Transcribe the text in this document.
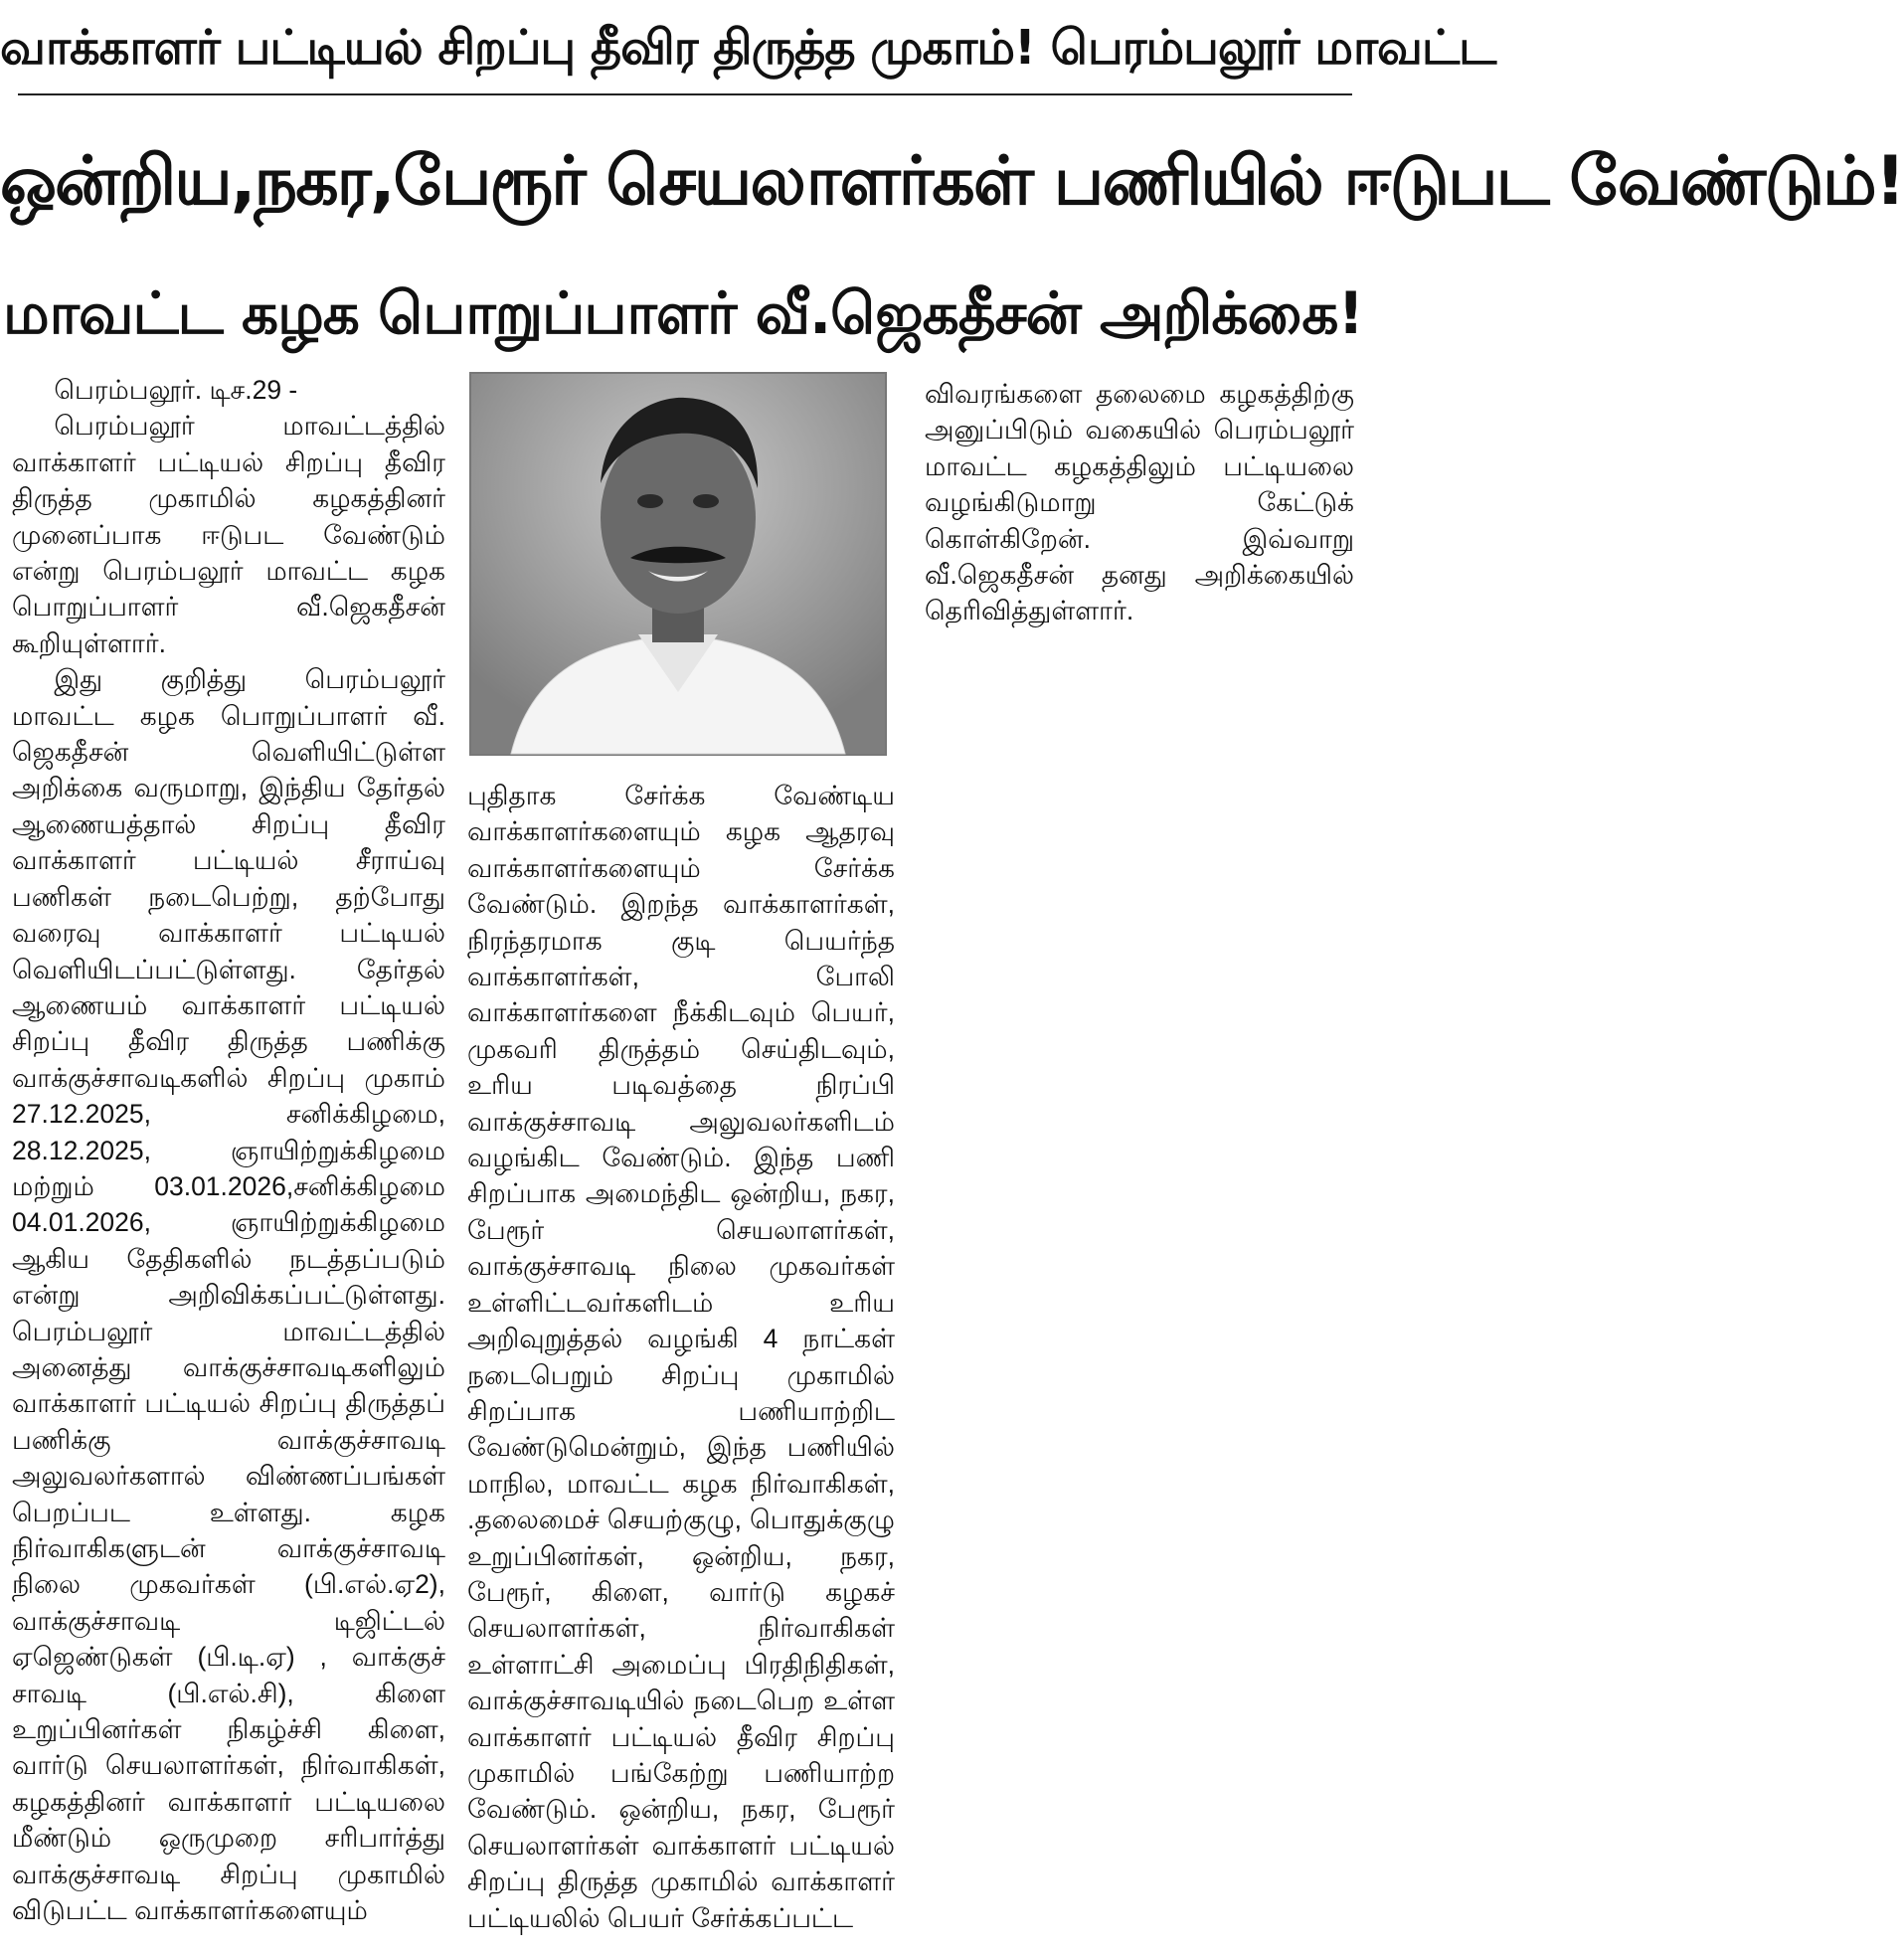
வாக்காளர் பட்டியல் சிறப்பு தீவிர திருத்த முகாம்! பெரம்பலூர் மாவட்ட
ஒன்றிய,நகர,பேரூர் செயலாளர்கள் பணியில் ஈடுபட வேண்டும்!
மாவட்ட கழக பொறுப்பாளர் வீ.ஜெகதீசன் அறிக்கை!
பெரம்பலூர். டிச.29 -

பெரம்பலூர் மாவட்டத்தில் வாக்காளர் பட்டியல் சிறப்பு தீவிர திருத்த முகாமில் கழகத்தினர் முனைப்பாக ஈடுபட வேண்டும் என்று பெரம்பலூர் மாவட்ட கழக பொறுப்பாளர் வீ.ஜெகதீசன் கூறியுள்ளார்.

இது குறித்து பெரம்பலூர் மாவட்ட கழக பொறுப்பாளர் வீ. ஜெகதீசன் வெளியிட்டுள்ள அறிக்கை வருமாறு, இந்திய தேர்தல் ஆணையத்தால் சிறப்பு தீவிர வாக்காளர் பட்டியல் சீராய்வு பணிகள் நடைபெற்று, தற்போது வரைவு வாக்காளர் பட்டியல் வெளியிடப்பட்டுள்ளது. தேர்தல் ஆணையம் வாக்காளர் பட்டியல் சிறப்பு தீவிர திருத்த பணிக்கு வாக்குச்சாவடிகளில் சிறப்பு முகாம் 27.12.2025, சனிக்கிழமை, 28.12.2025, ஞாயிற்றுக்கிழமை மற்றும் 03.01.2026,சனிக்கிழமை 04.01.2026, ஞாயிற்றுக்கிழமை ஆகிய தேதிகளில் நடத்தப்படும் என்று அறிவிக்கப்பட்டுள்ளது. பெரம்பலூர் மாவட்டத்தில் அனைத்து வாக்குச்சாவடிகளிலும் வாக்காளர் பட்டியல் சிறப்பு திருத்தப் பணிக்கு வாக்குச்சாவடி அலுவலர்களால் விண்ணப்பங்கள் பெறப்பட உள்ளது. கழக நிர்வாகிகளுடன் வாக்குச்சாவடி நிலை முகவர்கள் (பி.எல்.ஏ2), வாக்குச்சாவடி டிஜிட்டல் ஏஜெண்டுகள் (பி.டி.ஏ) , வாக்குச் சாவடி (பி.எல்.சி), கிளை உறுப்பினர்கள் நிகழ்ச்சி கிளை, வார்டு செயலாளர்கள், நிர்வாகிகள், கழகத்தினர் வாக்காளர் பட்டியலை மீண்டும் ஒருமுறை சரிபார்த்து வாக்குச்சாவடி சிறப்பு முகாமில் விடுபட்ட வாக்காளர்களையும்

புதிதாக சேர்க்க வேண்டிய வாக்காளர்களையும் கழக ஆதரவு வாக்காளர்களையும் சேர்க்க வேண்டும். இறந்த வாக்காளர்கள், நிரந்தரமாக குடி பெயர்ந்த வாக்காளர்கள், போலி வாக்காளர்களை நீக்கிடவும் பெயர், முகவரி திருத்தம் செய்திடவும், உரிய படிவத்தை நிரப்பி வாக்குச்சாவடி அலுவலர்களிடம் வழங்கிட வேண்டும். இந்த பணி சிறப்பாக அமைந்திட ஒன்றிய, நகர, பேரூர் செயலாளர்கள், வாக்குச்சாவடி நிலை முகவர்கள் உள்ளிட்டவர்களிடம் உரிய அறிவுறுத்தல் வழங்கி 4 நாட்கள் நடைபெறும் சிறப்பு முகாமில் சிறப்பாக பணியாற்றிட வேண்டுமென்றும், இந்த பணியில் மாநில, மாவட்ட கழக நிர்வாகிகள், .தலைமைச் செயற்குழு, பொதுக்குழு உறுப்பினர்கள், ஒன்றிய, நகர, பேரூர், கிளை, வார்டு கழகச் செயலாளர்கள், நிர்வாகிகள் உள்ளாட்சி அமைப்பு பிரதிநிதிகள், வாக்குச்சாவடியில் நடைபெற உள்ள வாக்காளர் பட்டியல் தீவிர சிறப்பு முகாமில் பங்கேற்று பணியாற்ற வேண்டும். ஒன்றிய, நகர, பேரூர் செயலாளர்கள் வாக்காளர் பட்டியல் சிறப்பு திருத்த முகாமில் வாக்காளர் பட்டியலில் பெயர் சேர்க்கப்பட்ட

விவரங்களை தலைமை கழகத்திற்கு அனுப்பிடும் வகையில் பெரம்பலூர் மாவட்ட கழகத்திலும் பட்டியலை வழங்கிடுமாறு கேட்டுக் கொள்கிறேன். இவ்வாறு வீ.ஜெகதீசன் தனது அறிக்கையில் தெரிவித்துள்ளார்.
